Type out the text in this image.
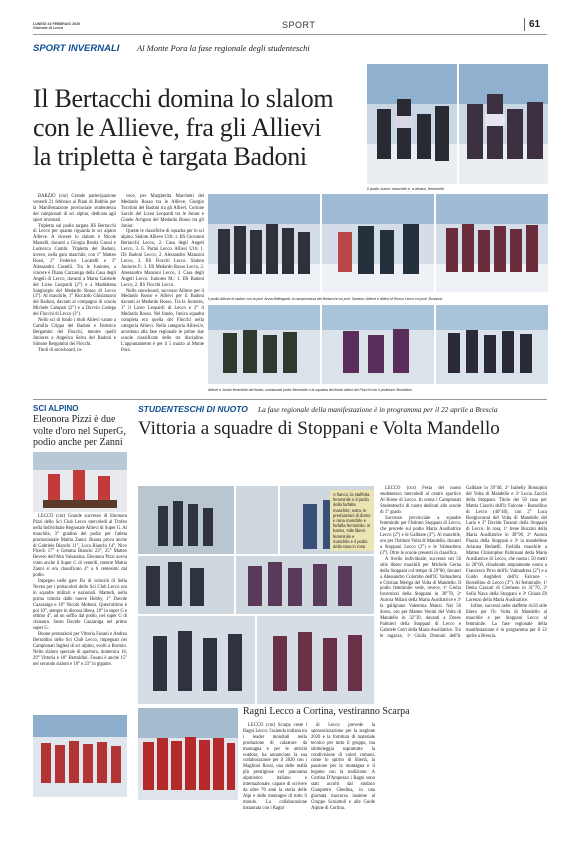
LUNEDÌ 24 FEBBRAIO 2020
Giornale di Lecco	SPORT	61
SPORT INVERNALI Al Monte Pora la fase regionale degli studenteschi
Il Bertacchi domina lo slalom
con le Allieve, fra gli Allievi
la tripletta è targata Badoni

BARZIO (cnr) Grande partecipazione venerdì 21 febbraio ai Piani di Bobbio per la Manifestazione provinciale studentesca dei campionati di sci alpino, dedicata agli sport invernali.

Tripletta sul podio targata IIS Bertacchi di Lecco per quanto riguarda lo sci alpino Allieve. A vincere lo slalom è Nicole Mastalli, davanti a Giorgia Rosita Grassi e Ludovica Combi. Tripletta del Badoni, invece, nella gara maschile, con 1° Matteo Rossi, 2° Federico Locatelli e 3° Alessandro Castelli. Tra le Juniores, a vincere è Diana Cazzaniga della Casa degli Angeli di Lecco, davanti a Marta Gabriele del Liceo Leopardi (2°) e a Maddalena Sangiorgio del Medardo Rosso di Lecco (3°). Al maschile, 1° Riccardo Ghislanzoni del Badoni, davanti al compagno di scuola Michele Campari (2°) e a Davvin Codega del Flocchi di Lecco (3°).

Nello sci di fondo i titoli Allievi vanno a Camilla Crippa del Badoni e Federico Bergamini del Flocchi, mentre quelli Juniores a Angelica Selva del Badoni e Simone Bergamini dei Flocchi.

Titoli di snowboard, in-

vece, per Margherita Marchetti del Medardo Rosso tra le Allieve, Giorgio Tocchini del Badoni tra gli Allievi, Corinne Sacchi del Liceo Leopardi tra le Junior e Gioele Arrigoni del Medardo Rosso tra gli Junior.

Queste le classifiche di squadra per lo sci alpino. Slalom Allieve U16: 1. IIS Giovanni Bertacchi Lecco, 2. Casa degli Angeli Lecco, 3. G. Parini Lecco. Allievi U16: 1. IIS Badoni Lecco, 2. Alessandro Manzoni Lecco, 3. IIS Flocchi Lecco. Slalom Juniores F.: 1. IIS Medardo Rosso Lecco, 2. Alessandro Manzoni Lecco, 3. Casa degli Angeli Lecco. Juniores M.: 1. IIS Badoni Lecco, 2. IIS Flocchi Lecco.

Nello snowboard, successo Allieve per il Medardo Rosso e Allievi per il Badoni davanti al Medardo Rosso. Tra le Juniores, 1° il Liceo Leopardi di Lecco e 2° il Medardo Rosso. Nel fondo, l'unica squadra completa era quella del Flocchi nella categoria Allievi. Nella categoria Allievi/e, accedono alla fase regionale le prime due scuole classificate delle tre discipline. L'appuntamento è per il 5 marzo al Monte Pora.

Il podio Junior maschile e, a destra, femminile
Il podio Allieve di slalom con la prof. Anna Bellingardi, la campionessa del Bertacchi col prof. Santoro; Allieve e Allievi M Rosso Lecco col prof. Bonanno
Allieve e Junior femminile del fondo; snowboard junior femminile e la squadra del fondo allievi del Flocchi con il professor Borsellino
SCI ALPINO
Eleonora Pizzi è due
volte d'oro nel SuperG,
podio anche per Zanni

LECCO (cnr) Grande successo di Eleonora Pizzi dello Sci Club Lecco mercoledì al Trofeo nella Individuale Regionale Allievi di Super G. Al maschile, 3° gradino del podio per l'atleta promozionale Mattia Zanni. Buona prova anche di Gabriele Bianchi 11°, Luca Bianchi 14°, Nico Picech 17° e Gemma Bianchi 23°, 25° Matteo Bevero dell'Alta Valsassina. Eleonora Pizzi aveva vinto anche il Super G di venerdì, mentre Mattia Zanni si era classificato 4° a 6 centesimi dal podio.

Impegno nelle gare Fis di velocità di Sella Nevea per i portacolori dello Sci Club Lecco ora in squadre militari e nazionali. Martedì, nella prima vittoria dalle nuove Hobby, 1° Davide Cazzaniga e 10° Nicolò Molteni. Quest'ultimo è poi 10°, sempre in discesa libera, 10° in super G e ottimo 4°, ad un soffio dal podio, nel super G di chiusura. Sesto Davide Cazzaniga nel primo super G.

Buone prestazioni per Vittoria Fusani e Andrea Bertoldini dello Sci Club Lecco, impegnati nei Campionati Inglesi di sci alpino, svolti a Bormio. Nello slalom speciale di apertura, domenica 16, 29° Vittoria e 18° Bertoldini. Fusani è anche 15° nel secondo slalom e 18° e 23° in gigante.

STUDENTESCHI DI NUOTO La fase regionale della manifestazione è in programma per il 22 aprile a Brescia
Vittoria a squadre di Stoppani e Volta Mandello
A fianco, la staffetta femminile e il podio della farfalla maschile; sotto, le premiazioni di dorso e rana maschile e farfalla femminile; in basso, stile libero femminile e maschile e il podio della rana in rosa

LECCO (cnr) Festa del nuoto studentesco mercoledì al centro sportivo Al Bione di Lecco. In scena i Campionati Studenteschi di nuoto dedicati alle scuole di 1° grado.

Successo provinciale a squadre femminile per l'Istituto Stoppani di Lecco, che precede sul podio Maria Ausiliatrice Lecco (2°) e le Galbiate (3°). Al maschile, oro per l'Istituto Volta di Mandello, davanti a Stoppani Lecco (2°) e le Valmadrera (3°). Oltre le scuole presenti in classifica.

A livello individuale, successo nei 50 stile libero maschili per Michele Gerna della Stoppani col tempo di 29"80, davanti a Alessandro Colombo dell'IC Valmadrera e Cristian Meriga del Volta di Mandello. Il podio femminile vede, invece, 1ª Giulia Invernizzi della Stoppani in 30"70, 2ª Aurora Milani della Maria Ausiliatrice e 3ª la gallipiano Valentina Manzi. Nei 50 dorso, oro per Matteo Venini del Volta di Mandello in 32"39, davanti a Daves Palmieri della Stoppani di Lecco e Gabriele Cerri della Maria Ausiliatrice. Tra le ragazze, 1ª Giulia Donnini dell'Ic Galbiate in 39"40, 2ª Isabelly Rossopini del Volta di Mandello e 3ª Lucia Zucchi della Stoppani. Titolo dei 50 rana per Mattia Ciaschi dell'Ic Falcone - Borsellino di Lecco (40"46), con 2° Luca Bongiovanni del Volta di Mandello del Lario e 3° Davide Tassoni della Stoppani di Lecco. In rosa, 1ª Irene Buzzini della Maria Ausiliatrice in 38"90, 2ª Aurora Piazza della Stoppani e 3ª la mandellese Arianna Redaelli. Farfalla maschile a Matteo Christopher Palmisani della Maria Ausiliatrice di Lecco, che nuota i 50 metri in 28"60, chiudendo ampiamente nonni a Francesco Pirro dell'Ic Valmadrera (2°) e a Guido Anghileri dell'Ic Falcone - Borsellino di Lecco (3°). Al femminile, 1ª Ilenia Cazzari di Cremeno in 31"70, 2ª Sofia Nava della Stoppani e 3ª Chiara Di Lorenzo della Maria Ausiliatrice.

Infine, successi nelle staffette 4x50 stile libero per l'Ic Volta di Mandello al maschile e per Stoppani Lecco al femminile. La fase regionale della manifestazione è in programma per il 22 aprile a Brescia.

Ragni Lecco a Cortina, vestiranno Scarpa

LECCO (cnr) Scarpa veste i Ragni Lecco: l'azienda italiana tra i leader mondiali nella produzione di calzature da montagna e per le attività outdoor, ha annunciato la sua collaborazione per il 2020 con i Maglioni Rossi, una delle realtà più prestigiose nel panorama alpinistico italiano e internazionale, capace di scrivere da oltre 70 anni la storia delle Alpi e delle montagne di tutto il mondo. La collaborazione instaurata con i Ragni

di Lecco prevede la sponsorizzazione per la stagione 2020 e la fornitura di materiale tecnico per tutto il gruppo, ma simboleggia soprattutto la condivisione di valori comuni, come lo spirito di libertà, la passione per la montagna e il legame con la tradizione. A Cortina D'Ampezzo i Ragni sono stati accolti dal sindaco Gianpietro Ghedina, in una giornata trascorsa insieme al Gruppo Scoiattoli e alle Guide Alpine di Cortina.
